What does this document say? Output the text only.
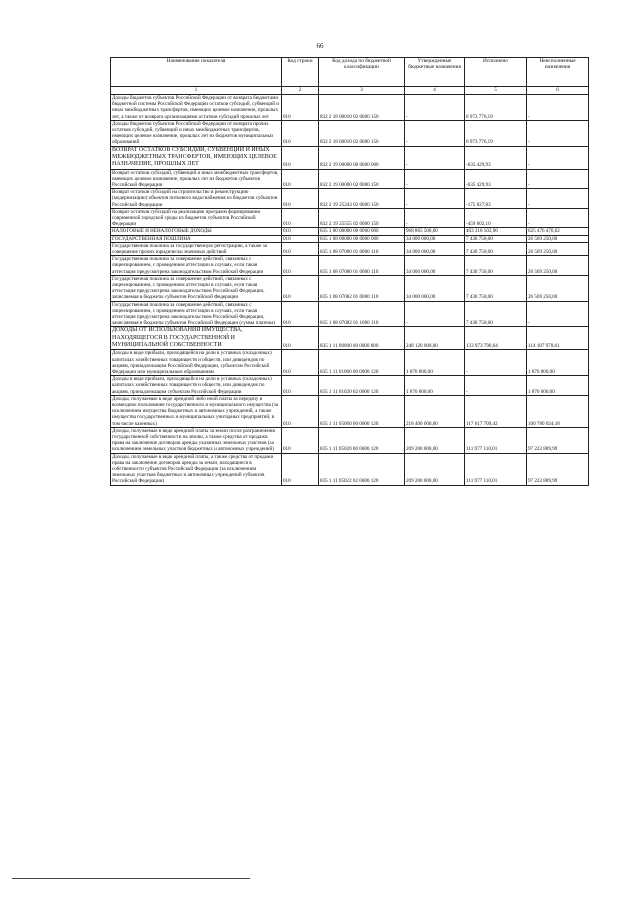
66
Наименование показателя	Код строки	Код дохода по бюджетной классификации	Утвержденные бюджетные назначения	Исполнено	Неисполненные назначения
1	2	3	4	5	6
Доходы бюджетов субъектов Российской Федерации от возврата бюджетами бюджетной системы Российской Федерации остатков субсидий, субвенций и иных межбюджетных трансфертов, имеющих целевое назначение, прошлых лет, а также от возврата организациями остатков субсидий прошлых лет	010	832 2 18 00010 02 0000 150	-	6 973 776,19	-
Доходы бюджетов субъектов Российской Федерации от возврата прочих остатков субсидий, субвенций и иных межбюджетных трансфертов, имеющих целевое назначение, прошлых лет из бюджетов муниципальных образований	010	832 2 18 60010 02 0000 150	-	6 973 776,19	-
ВОЗВРАТ ОСТАТКОВ СУБСИДИЙ, СУБВЕНЦИЙ И ИНЫХ МЕЖБЮДЖЕТНЫХ ТРАНСФЕРТОВ, ИМЕЮЩИХ ЦЕЛЕВОЕ НАЗНАЧЕНИЕ, ПРОШЛЫХ ЛЕТ	010	832 2 19 00000 00 0000 000	-	-635 429,93	-
Возврат остатков субсидий, субвенций и иных межбюджетных трансфертов, имеющих целевое назначение, прошлых лет из бюджетов субъектов Российской Федерации	010	832 2 19 00000 02 0000 150	-	-635 429,93	-
Возврат остатков субсидий на строительство и реконструкцию (модернизацию) объектов питьевого водоснабжения из бюджетов субъектов Российской Федерации	010	832 2 19 25243 02 0000 150	-	-175 827,83	-
Возврат остатков субсидий на реализацию программ формирования современной городской среды из бюджетов субъектов Российской Федерации	010	832 2 19 25555 02 0000 150	-	-459 602,10	-
НАЛОГОВЫЕ И НЕНАЛОГОВЫЕ ДОХОДЫ	010	835 1 00 00000 00 0000 000	968 865 500,00	403 318 502,96	625 476 470,02
ГОСУДАРСТВЕННАЯ ПОШЛИНА	010	835 1 08 00000 00 0000 000	34 000 000,00	7 430 750,00	26 569 250,00
Государственная пошлина за государственную регистрацию, а также за совершение прочих юридически значимых действий	010	835 1 08 07000 01 0000 110	34 000 000,00	7 430 750,00	26 569 250,00
Государственная пошлина за совершение действий, связанных с лицензированием, с проведением аттестации в случаях, если такая аттестация предусмотрена законодательством Российской Федерации	010	835 1 08 07080 01 0000 110	34 000 000,00	7 430 750,00	26 569 250,00
Государственная пошлина за совершение действий, связанных с лицензированием, с проведением аттестации в случаях, если такая аттестация предусмотрена законодательством Российской Федерации, зачисляемая в бюджеты субъектов Российской Федерации	010	835 1 08 07082 01 0000 110	34 000 000,00	7 430 750,00	26 569 250,00
Государственная пошлина за совершение действий, связанных с лицензированием, с проведением аттестации в случаях, если такая аттестация предусмотрена законодательством Российской Федерации, зачисляемая в бюджеты субъектов Российской Федерации (сумма платежа)	010	835 1 08 07082 01 1000 110	-	7 430 750,00	-
ДОХОДЫ ОТ ИСПОЛЬЗОВАНИЯ ИМУЩЕСТВА, НАХОДЯЩЕГОСЯ В ГОСУДАРСТВЕННОЙ И МУНИЦИПАЛЬНОЙ СОБСТВЕННОСТИ	010	835 1 11 00000 00 0000 000	248 120 000,00	133 973 790,64	114 187 970,61
Доходы в виде прибыли, приходящейся на доли в уставных (складочных) капиталах хозяйственных товариществ и обществ, или дивидендов по акциям, принадлежащим Российской Федерации, субъектам Российской Федерации или муниципальным образованиям	010	835 1 11 01000 00 0000 120	1 876 000,00	-	1 876 000,00
Доходы в виде прибыли, приходящейся на доли в уставных (складочных) капиталах хозяйственных товариществ и обществ, или дивидендов по акциям, принадлежащим субъектам Российской Федерации	010	835 1 11 01020 02 0000 120	1 876 000,00	-	1 876 000,00
Доходы, получаемые в виде арендной либо иной платы за передачу в возмездное пользование государственного и муниципального имущества (за исключением имущества бюджетных и автономных учреждений, а также имущества государственных и муниципальных унитарных предприятий, в том числе казенных)	010	835 1 11 05000 00 0000 120	218 400 000,00	117 617 709,42	100 780 024,18
Доходы, получаемые в виде арендной платы за земли после разграничения государственной собственности на землю, а также средства от продажи права на заключение договоров аренды указанных земельных участков (за исключением земельных участков бюджетных и автономных учреждений)	010	835 1 11 05020 00 0000 120	209 200 000,00	111 977 110,01	97 222 889,99
Доходы, получаемые в виде арендной платы, а также средства от продажи права на заключение договоров аренды за земли, находящиеся в собственности субъектов Российской Федерации (за исключением земельных участков бюджетных и автономных учреждений субъектов Российской Федерации)	010	835 1 11 05022 02 0000 120	209 200 000,00	111 977 110,01	97 222 889,99
